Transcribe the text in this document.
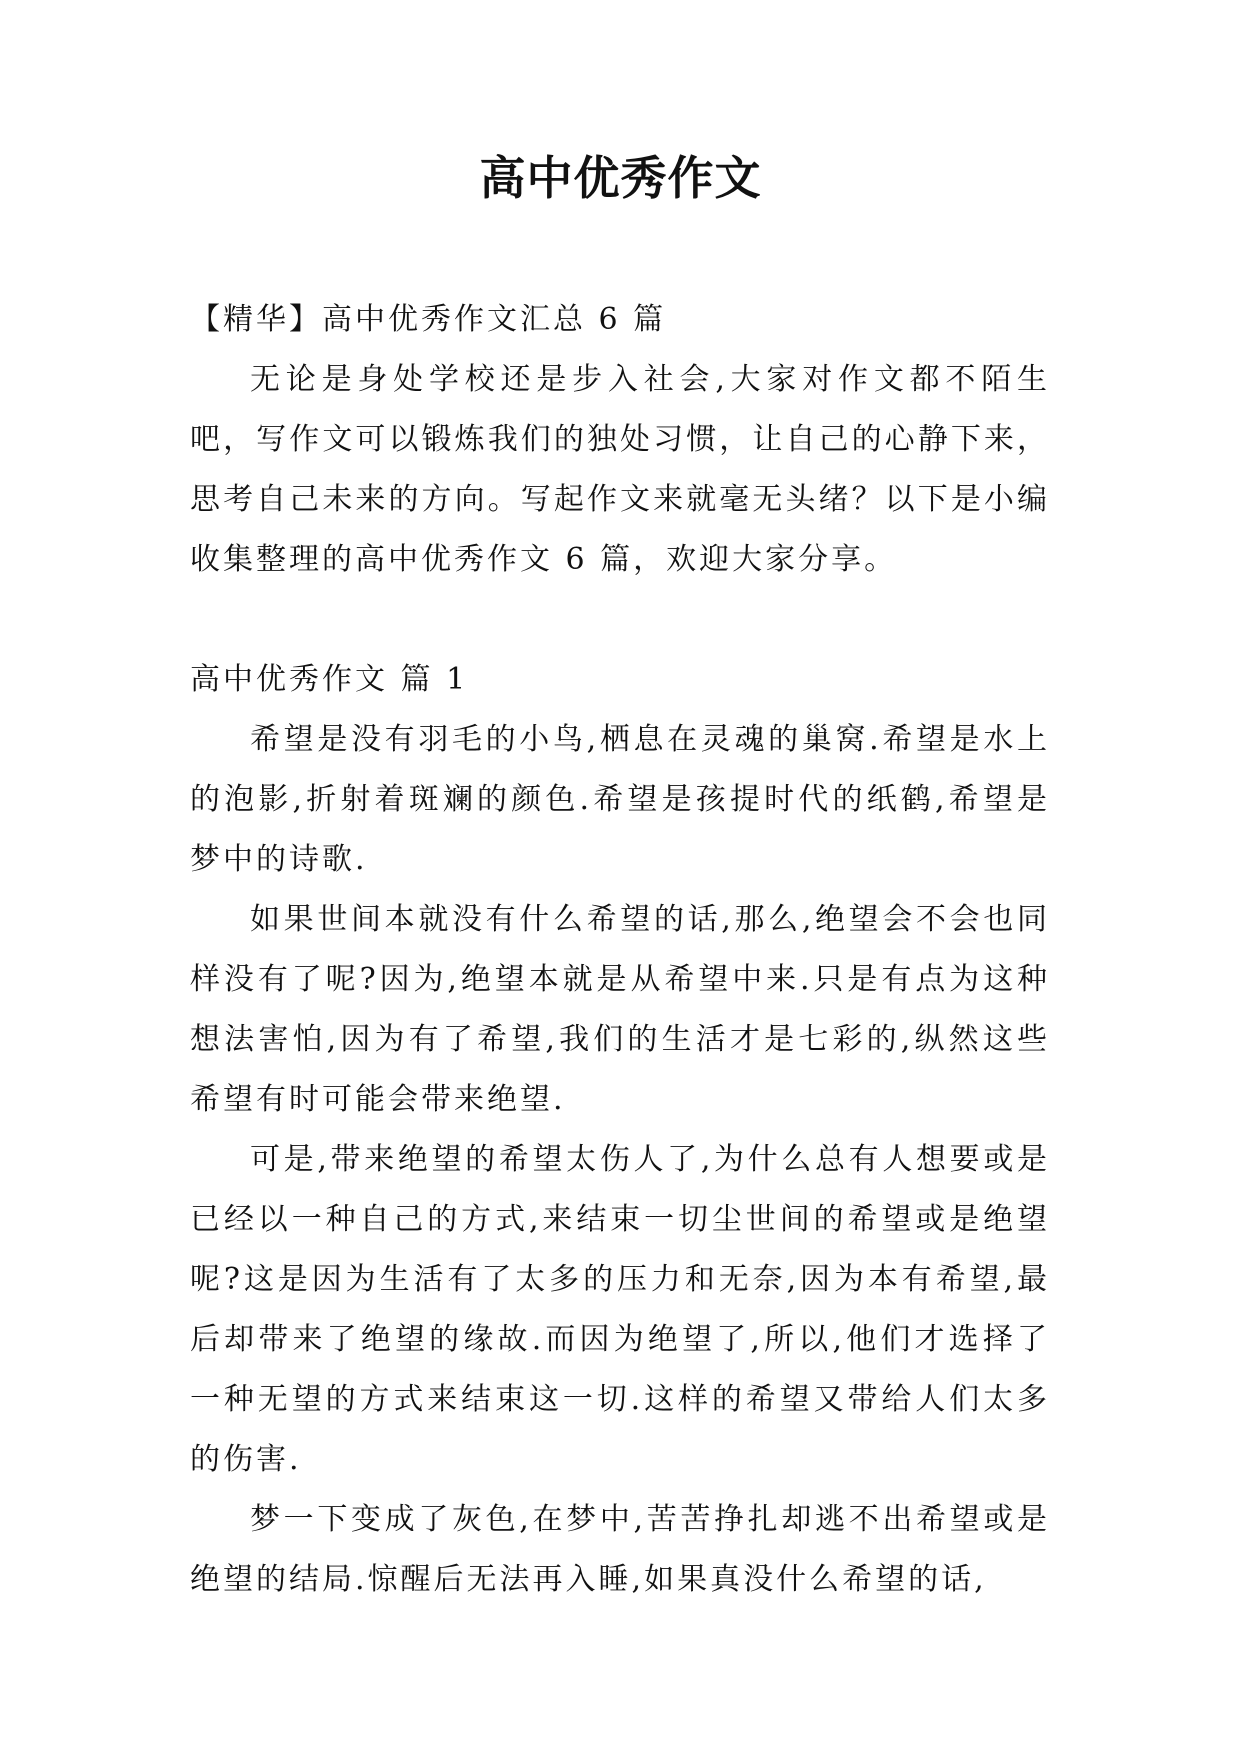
高中优秀作文

【精华】高中优秀作文汇总 6 篇

无论是身处学校还是步入社会,大家对作文都不陌生吧，写作文可以锻炼我们的独处习惯，让自己的心静下来，思考自己未来的方向。写起作文来就毫无头绪？以下是小编收集整理的高中优秀作文 6 篇，欢迎大家分享。

高中优秀作文 篇 1

希望是没有羽毛的小鸟,栖息在灵魂的巢窝.希望是水上的泡影,折射着斑斓的颜色.希望是孩提时代的纸鹤,希望是梦中的诗歌.

如果世间本就没有什么希望的话,那么,绝望会不会也同样没有了呢?因为,绝望本就是从希望中来.只是有点为这种想法害怕,因为有了希望,我们的生活才是七彩的,纵然这些希望有时可能会带来绝望.

可是,带来绝望的希望太伤人了,为什么总有人想要或是已经以一种自己的方式,来结束一切尘世间的希望或是绝望呢?这是因为生活有了太多的压力和无奈,因为本有希望,最后却带来了绝望的缘故.而因为绝望了,所以,他们才选择了一种无望的方式来结束这一切.这样的希望又带给人们太多的伤害.

梦一下变成了灰色,在梦中,苦苦挣扎却逃不出希望或是绝望的结局.惊醒后无法再入睡,如果真没什么希望的话,
